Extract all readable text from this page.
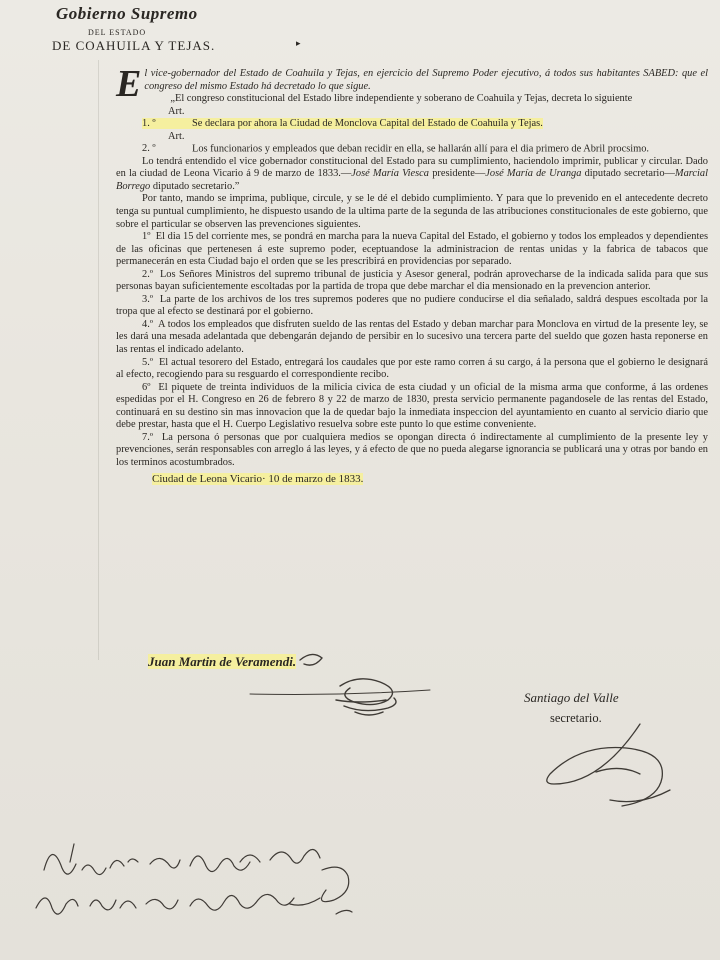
Gobierno Supremo
DEL ESTADO
DE COAHUILA Y TEJAS.	▸

El vice-gobernador del Estado de Coahuila y Tejas, en ejercicio del Supremo Poder ejecutivo, á todos sus habitantes SABED: que el congreso del mismo Estado há decretado lo que sigue.

„El congreso constitucional del Estado libre independiente y soberano de Coahuila y Tejas, decreta lo siguiente

Art. 1. º	Se declara por ahora la Ciudad de Monclova Capital del Estado de Coahuila y Tejas.

Art. 2. º	Los funcionarios y empleados que deban recidir en ella, se hallarán allí para el dia primero de Abril procsimo.

Lo tendrá entendido el vice gobernador constitucional del Estado para su cumplimiento, haciendolo imprimir, publicar y circular. Dado en la ciudad de Leona Vicario á 9 de marzo de 1833.—José María Viesca presidente—José María de Uranga diputado secretario—Marcial Borrego diputado secretario.”

Por tanto, mando se imprima, publique, circule, y se le dé el debido cumplimiento. Y para que lo prevenido en el antecedente decreto tenga su puntual cumplimiento, he dispuesto usando de la ultima parte de la segunda de las atribuciones constitucionales de este gobierno, que sobre el particular se observen las prevenciones siguientes.

1º El dia 15 del corriente mes, se pondrá en marcha para la nueva Capital del Estado, el gobierno y todos los empleados y dependientes de las oficinas que pertenesen á este supremo poder, eceptuandose la administracion de rentas unidas y la fabrica de tabacos que permanecerán en esta Ciudad bajo el orden que se les prescribirá en providencias por separado.

2.º Los Señores Ministros del supremo tribunal de justicia y Asesor general, podrán aprovecharse de la indicada salida para que sus personas bayan suficientemente escoltadas por la partida de tropa que debe marchar el dia mensionado en la prevencion anterior.

3.º La parte de los archivos de los tres supremos poderes que no pudiere conducirse el dia señalado, saldrá despues escoltada por la tropa que al efecto se destinará por el gobierno.

4.º A todos los empleados que disfruten sueldo de las rentas del Estado y deban marchar para Monclova en virtud de la presente ley, se les dará una mesada adelantada que debengarán dejando de persibir en lo sucesivo una tercera parte del sueldo que gozen hasta reponerse en las rentas el indicado adelanto.

5.º El actual tesorero del Estado, entregará los caudales que por este ramo corren á su cargo, á la persona que el gobierno le designará al efecto, recogiendo para su resguardo el correspondiente recibo.

6º El piquete de treinta individuos de la milicia civica de esta ciudad y un oficial de la misma arma que conforme, á las ordenes espedidas por el H. Congreso en 26 de febrero 8 y 22 de marzo de 1830, presta servicio permanente pagandosele de las rentas del Estado, continuará en su destino sin mas innovacion que la de quedar bajo la inmediata inspeccion del ayuntamiento en cuanto al servicio diario que debe prestar, hasta que el H. Cuerpo Legislativo resuelva sobre este punto lo que estime conveniente.

7.º La persona ó personas que por cualquiera medios se opongan directa ó indirectamente al cumplimiento de la presente ley y prevenciones, serán responsables con arreglo á las leyes, y á efecto de que no pueda alegarse ignorancia se publicará una y otras por bando en los terminos acostumbrados.

Ciudad de Leona Vicario· 10 de marzo de 1833.

Juan Martin de Veramendi.
Santiago del Valle
secretario.
